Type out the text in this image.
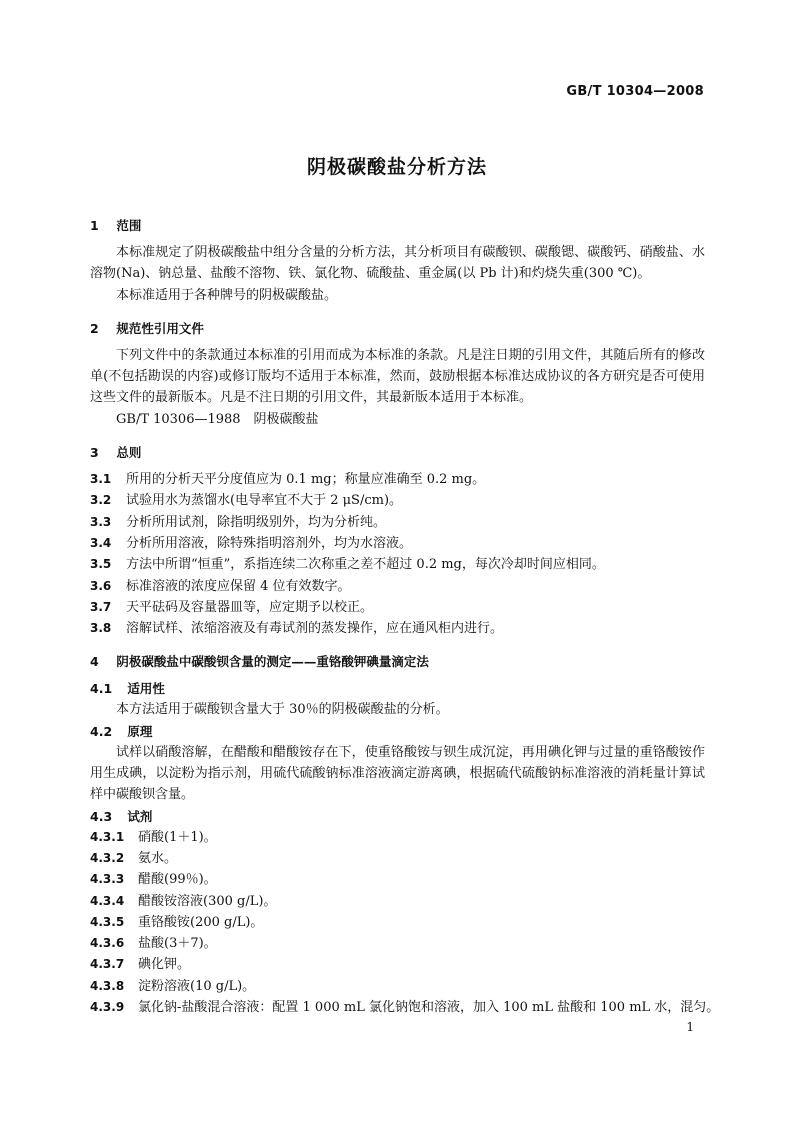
GB/T 10304—2008
阴极碳酸盐分析方法
1 范围

本标准规定了阴极碳酸盐中组分含量的分析方法，其分析项目有碳酸钡、碳酸锶、碳酸钙、硝酸盐、水溶物(Na)、钠总量、盐酸不溶物、铁、氯化物、硫酸盐、重金属(以 Pb 计)和灼烧失重(300 ℃)。

本标准适用于各种牌号的阴极碳酸盐。

2 规范性引用文件

下列文件中的条款通过本标准的引用而成为本标准的条款。凡是注日期的引用文件，其随后所有的修改单(不包括勘误的内容)或修订版均不适用于本标准，然而，鼓励根据本标准达成协议的各方研究是否可使用这些文件的最新版本。凡是不注日期的引用文件，其最新版本适用于本标准。

GB/T 10306—1988　阴极碳酸盐

3 总则
3.1 所用的分析天平分度值应为 0.1 mg；称量应准确至 0.2 mg。
3.2 试验用水为蒸馏水(电导率宜不大于 2 μS/cm)。
3.3 分析所用试剂，除指明级别外，均为分析纯。
3.4 分析所用溶液，除特殊指明溶剂外，均为水溶液。
3.5 方法中所谓“恒重”，系指连续二次称重之差不超过 0.2 mg，每次冷却时间应相同。
3.6 标准溶液的浓度应保留 4 位有效数字。
3.7 天平砝码及容量器皿等，应定期予以校正。
3.8 溶解试样、浓缩溶液及有毒试剂的蒸发操作，应在通风柜内进行。
4 阴极碳酸盐中碳酸钡含量的测定——重铬酸钾碘量滴定法
4.1 适用性

本方法适用于碳酸钡含量大于 30％的阴极碳酸盐的分析。

4.2 原理

试样以硝酸溶解，在醋酸和醋酸铵存在下，使重铬酸铵与钡生成沉淀，再用碘化钾与过量的重铬酸铵作用生成碘，以淀粉为指示剂，用硫代硫酸钠标准溶液滴定游离碘，根据硫代硫酸钠标准溶液的消耗量计算试样中碳酸钡含量。

4.3 试剂
4.3.1 硝酸(1＋1)。
4.3.2 氨水。
4.3.3 醋酸(99％)。
4.3.4 醋酸铵溶液(300 g/L)。
4.3.5 重铬酸铵(200 g/L)。
4.3.6 盐酸(3＋7)。
4.3.7 碘化钾。
4.3.8 淀粉溶液(10 g/L)。
4.3.9 氯化钠-盐酸混合溶液：配置 1 000 mL 氯化钠饱和溶液，加入 100 mL 盐酸和 100 mL 水，混匀。
1
